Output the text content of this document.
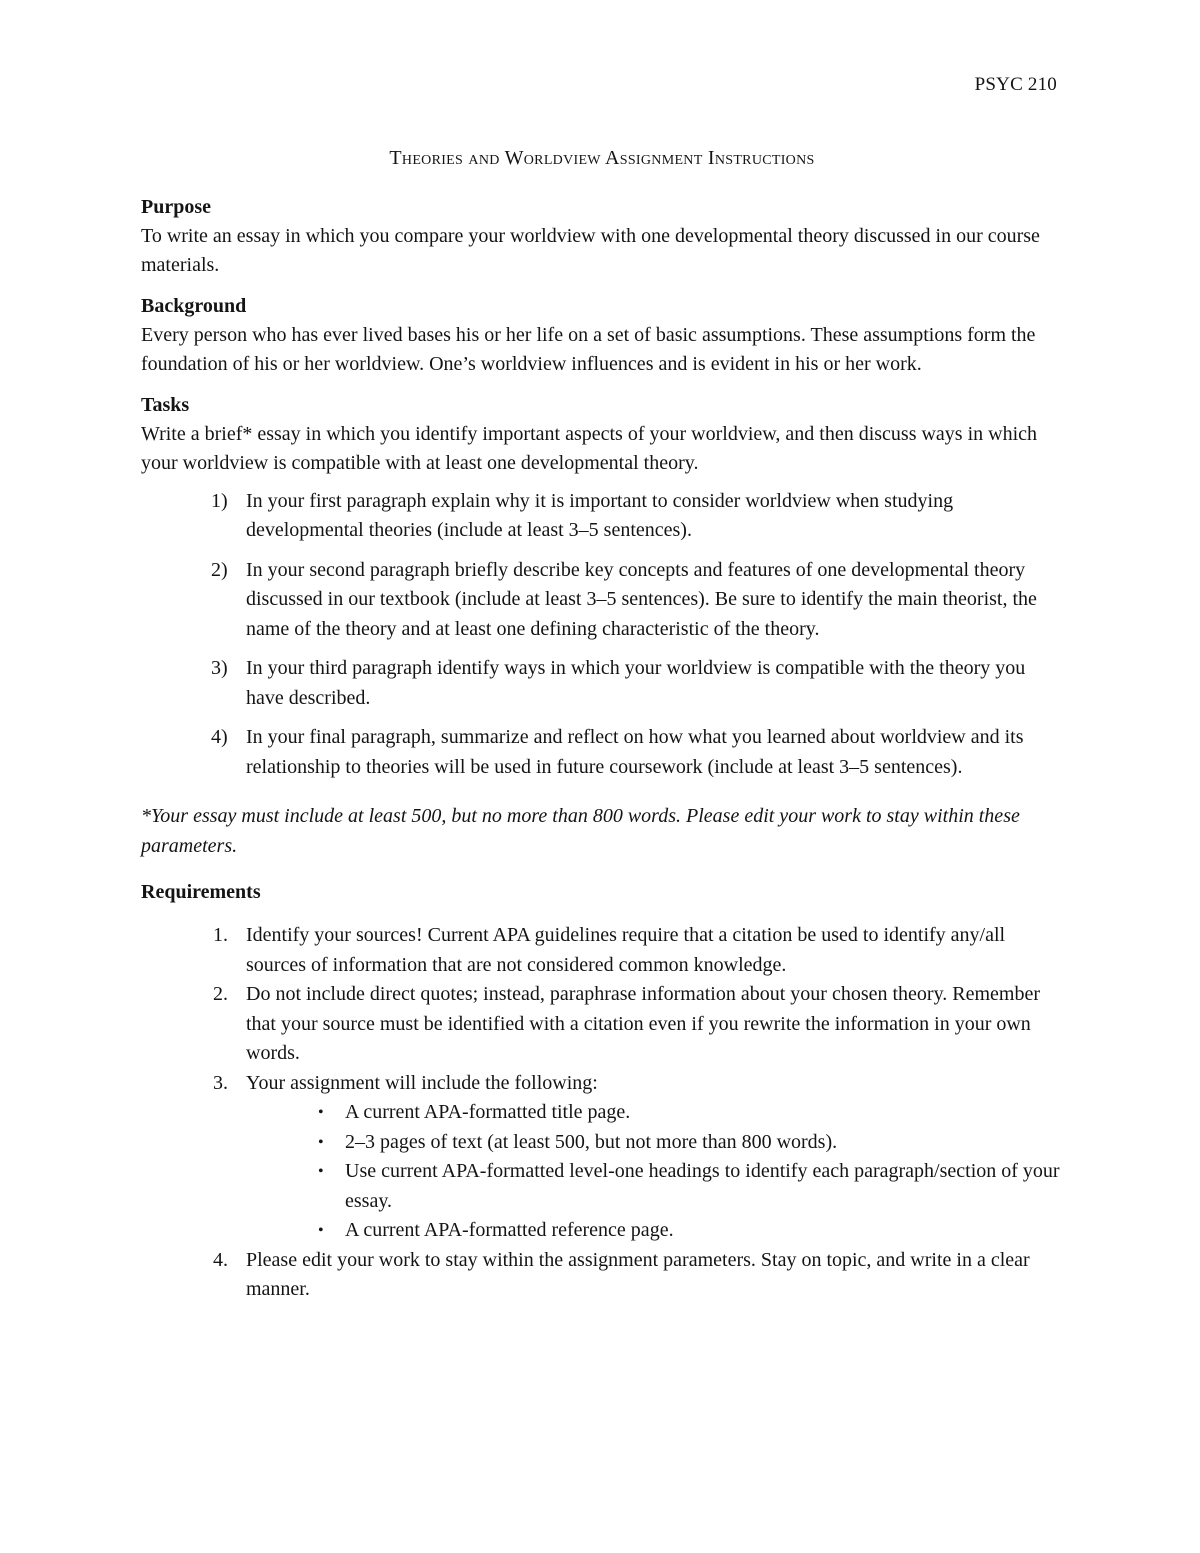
PSYC 210
Theories and Worldview Assignment Instructions
Purpose

To write an essay in which you compare your worldview with one developmental theory discussed in our course materials.

Background

Every person who has ever lived bases his or her life on a set of basic assumptions. These assumptions form the foundation of his or her worldview. One’s worldview influences and is evident in his or her work.

Tasks

Write a brief* essay in which you identify important aspects of your worldview, and then discuss ways in which your worldview is compatible with at least one developmental theory.

1) In your first paragraph explain why it is important to consider worldview when studying developmental theories (include at least 3–5 sentences).
2) In your second paragraph briefly describe key concepts and features of one developmental theory discussed in our textbook (include at least 3–5 sentences). Be sure to identify the main theorist, the name of the theory and at least one defining characteristic of the theory.
3) In your third paragraph identify ways in which your worldview is compatible with the theory you have described.
4) In your final paragraph, summarize and reflect on how what you learned about worldview and its relationship to theories will be used in future coursework (include at least 3–5 sentences).

*Your essay must include at least 500, but no more than 800 words. Please edit your work to stay within these parameters.

Requirements
1. Identify your sources! Current APA guidelines require that a citation be used to identify any/all sources of information that are not considered common knowledge.
2. Do not include direct quotes; instead, paraphrase information about your chosen theory. Remember that your source must be identified with a citation even if you rewrite the information in your own words.
3. Your assignment will include the following:
• A current APA-formatted title page.
• 2–3 pages of text (at least 500, but not more than 800 words).
• Use current APA-formatted level-one headings to identify each paragraph/section of your essay.
• A current APA-formatted reference page.
4. Please edit your work to stay within the assignment parameters. Stay on topic, and write in a clear manner.
